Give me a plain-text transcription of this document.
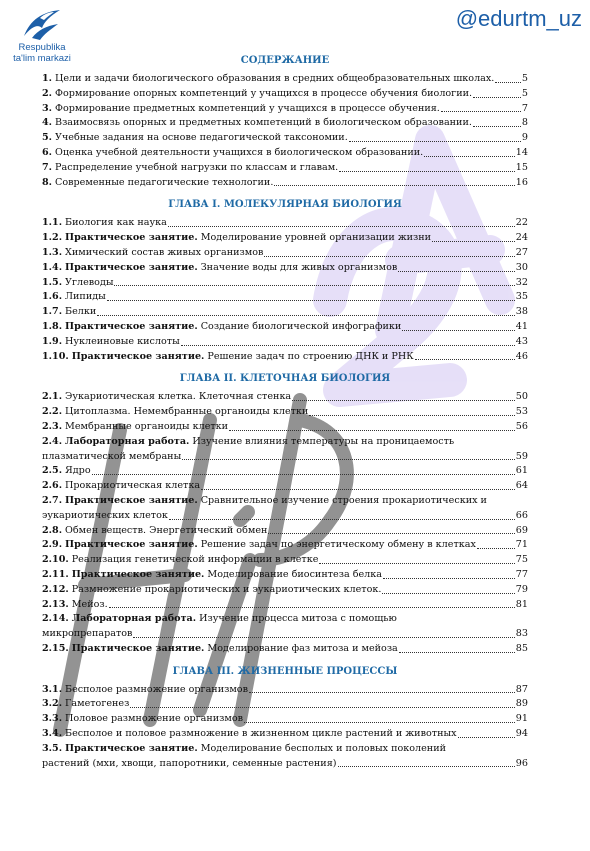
Respublika
ta'lim markazi
@edurtm_uz
СОДЕРЖАНИЕ
1. Цели и задачи биологического образования в средних общеобразовательных школах.	5
2. Формирование опорных компетенций у учащихся в процессе обучения биологии.	5
3. Формирование предметных компетенций у учащихся в процессе обучения.	7
4. Взаимосвязь опорных и предметных компетенций в биологическом образовании.	8
5. Учебные задания на основе педагогической таксономии.	9
6. Оценка учебной деятельности учащихся в биологическом образовании.	14
7. Распределение учебной нагрузки по классам и главам.	15
8. Современные педагогические технологии.	16
ГЛАВА I. МОЛЕКУЛЯРНАЯ БИОЛОГИЯ
1.1. Биология как наука	22
1.2. Практическое занятие. Моделирование уровней организации жизни	24
1.3. Химический состав живых организмов	27
1.4. Практическое занятие. Значение воды для живых организмов	30
1.5. Углеводы	32
1.6. Липиды	35
1.7. Белки	38
1.8. Практическое занятие. Создание биологической инфографики	41
1.9. Нуклеиновые кислоты	43
1.10. Практическое занятие. Решение задач по строению ДНК и РНК	46
ГЛАВА II. КЛЕТОЧНАЯ БИОЛОГИЯ
2.1. Эукариотическая клетка. Клеточная стенка	50
2.2. Цитоплазма. Немембранные органоиды клетки	53
2.3. Мембранные органоиды клетки	56
2.4. Лабораторная работа. Изучение влияния температуры на проницаемость
плазматической мембраны	59
2.5. Ядро	61
2.6. Прокариотическая клетка	64
2.7. Практическое занятие. Сравнительное изучение строения прокариотических и
эукариотических клеток	66
2.8. Обмен веществ. Энергетический обмен	69
2.9. Практическое занятие. Решение задач по энергетическому обмену в клетках	71
2.10. Реализация генетической информации в клетке	75
2.11. Практическое занятие. Моделирование биосинтеза белка	77
2.12. Размножение прокариотических и эукариотических клеток.	79
2.13. Мейоз.	81
2.14. Лабораторная работа. Изучение процесса митоза с помощью
микропрепаратов	83
2.15. Практическое занятие. Моделирование фаз митоза и мейоза	85
ГЛАВА III. ЖИЗНЕННЫЕ ПРОЦЕССЫ
3.1. Бесполое размножение организмов	87
3.2. Гаметогенез	89
3.3. Половое размножение организмов	91
3.4. Бесполое и половое размножение в жизненном цикле растений и животных	94
3.5. Практическое занятие. Моделирование бесполых и половых поколений
растений (мхи, хвощи, папоротники, семенные растения)	96
